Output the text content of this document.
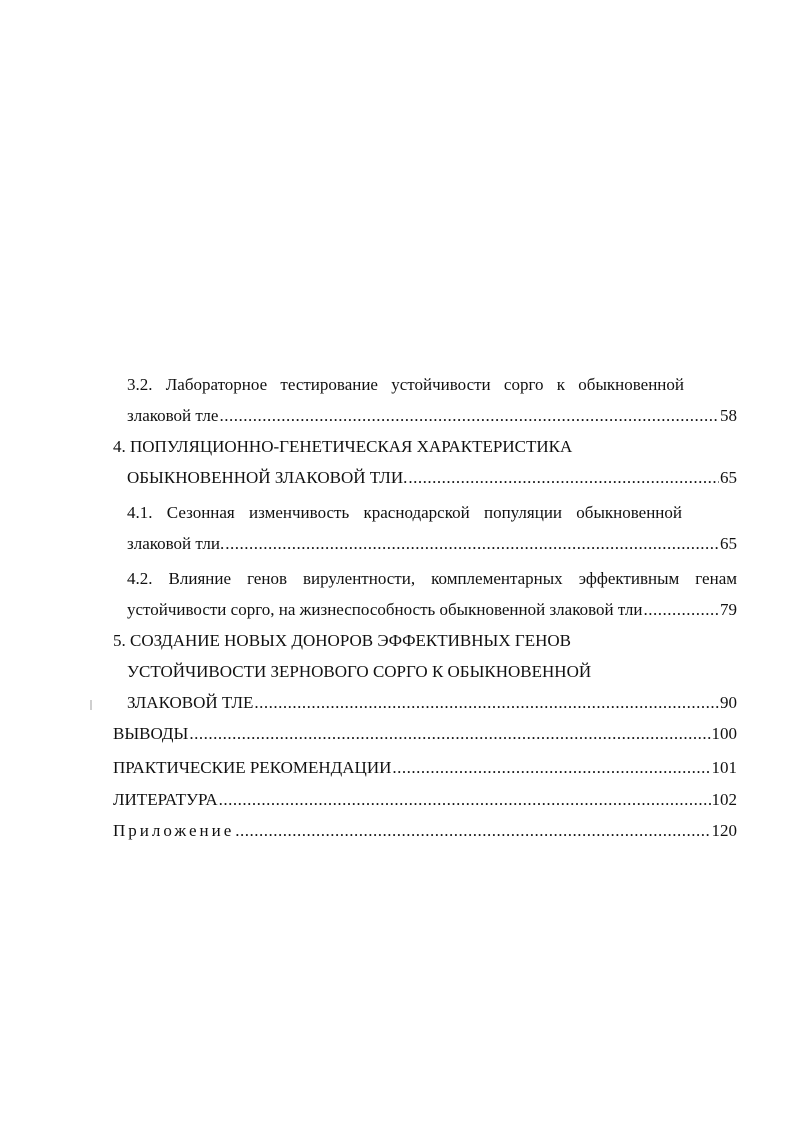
3.2. Лабораторное тестирование устойчивости сорго к обыкновенной
злаковой тле .....	58
4. ПОПУЛЯЦИОННО-ГЕНЕТИЧЕСКАЯ ХАРАКТЕРИСТИКА
ОБЫКНОВЕННОЙ ЗЛАКОВОЙ ТЛИ. .....	65
4.1. Сезонная изменчивость краснодарской популяции обыкновенной
злаковой тли. .....	65
4.2. Влияние генов вирулентности, комплементарных эффективным генам
устойчивости сорго, на жизнеспособность обыкновенной злаковой тли .....	79
5. СОЗДАНИЕ НОВЫХ ДОНОРОВ ЭФФЕКТИВНЫХ ГЕНОВ
УСТОЙЧИВОСТИ ЗЕРНОВОГО СОРГО К ОБЫКНОВЕННОЙ
ЗЛАКОВОЙ ТЛЕ .....	90
ВЫВОДЫ .....	100
ПРАКТИЧЕСКИЕ РЕКОМЕНДАЦИИ .....	101
ЛИТЕРАТУРА .....	102
Приложение .....	120
